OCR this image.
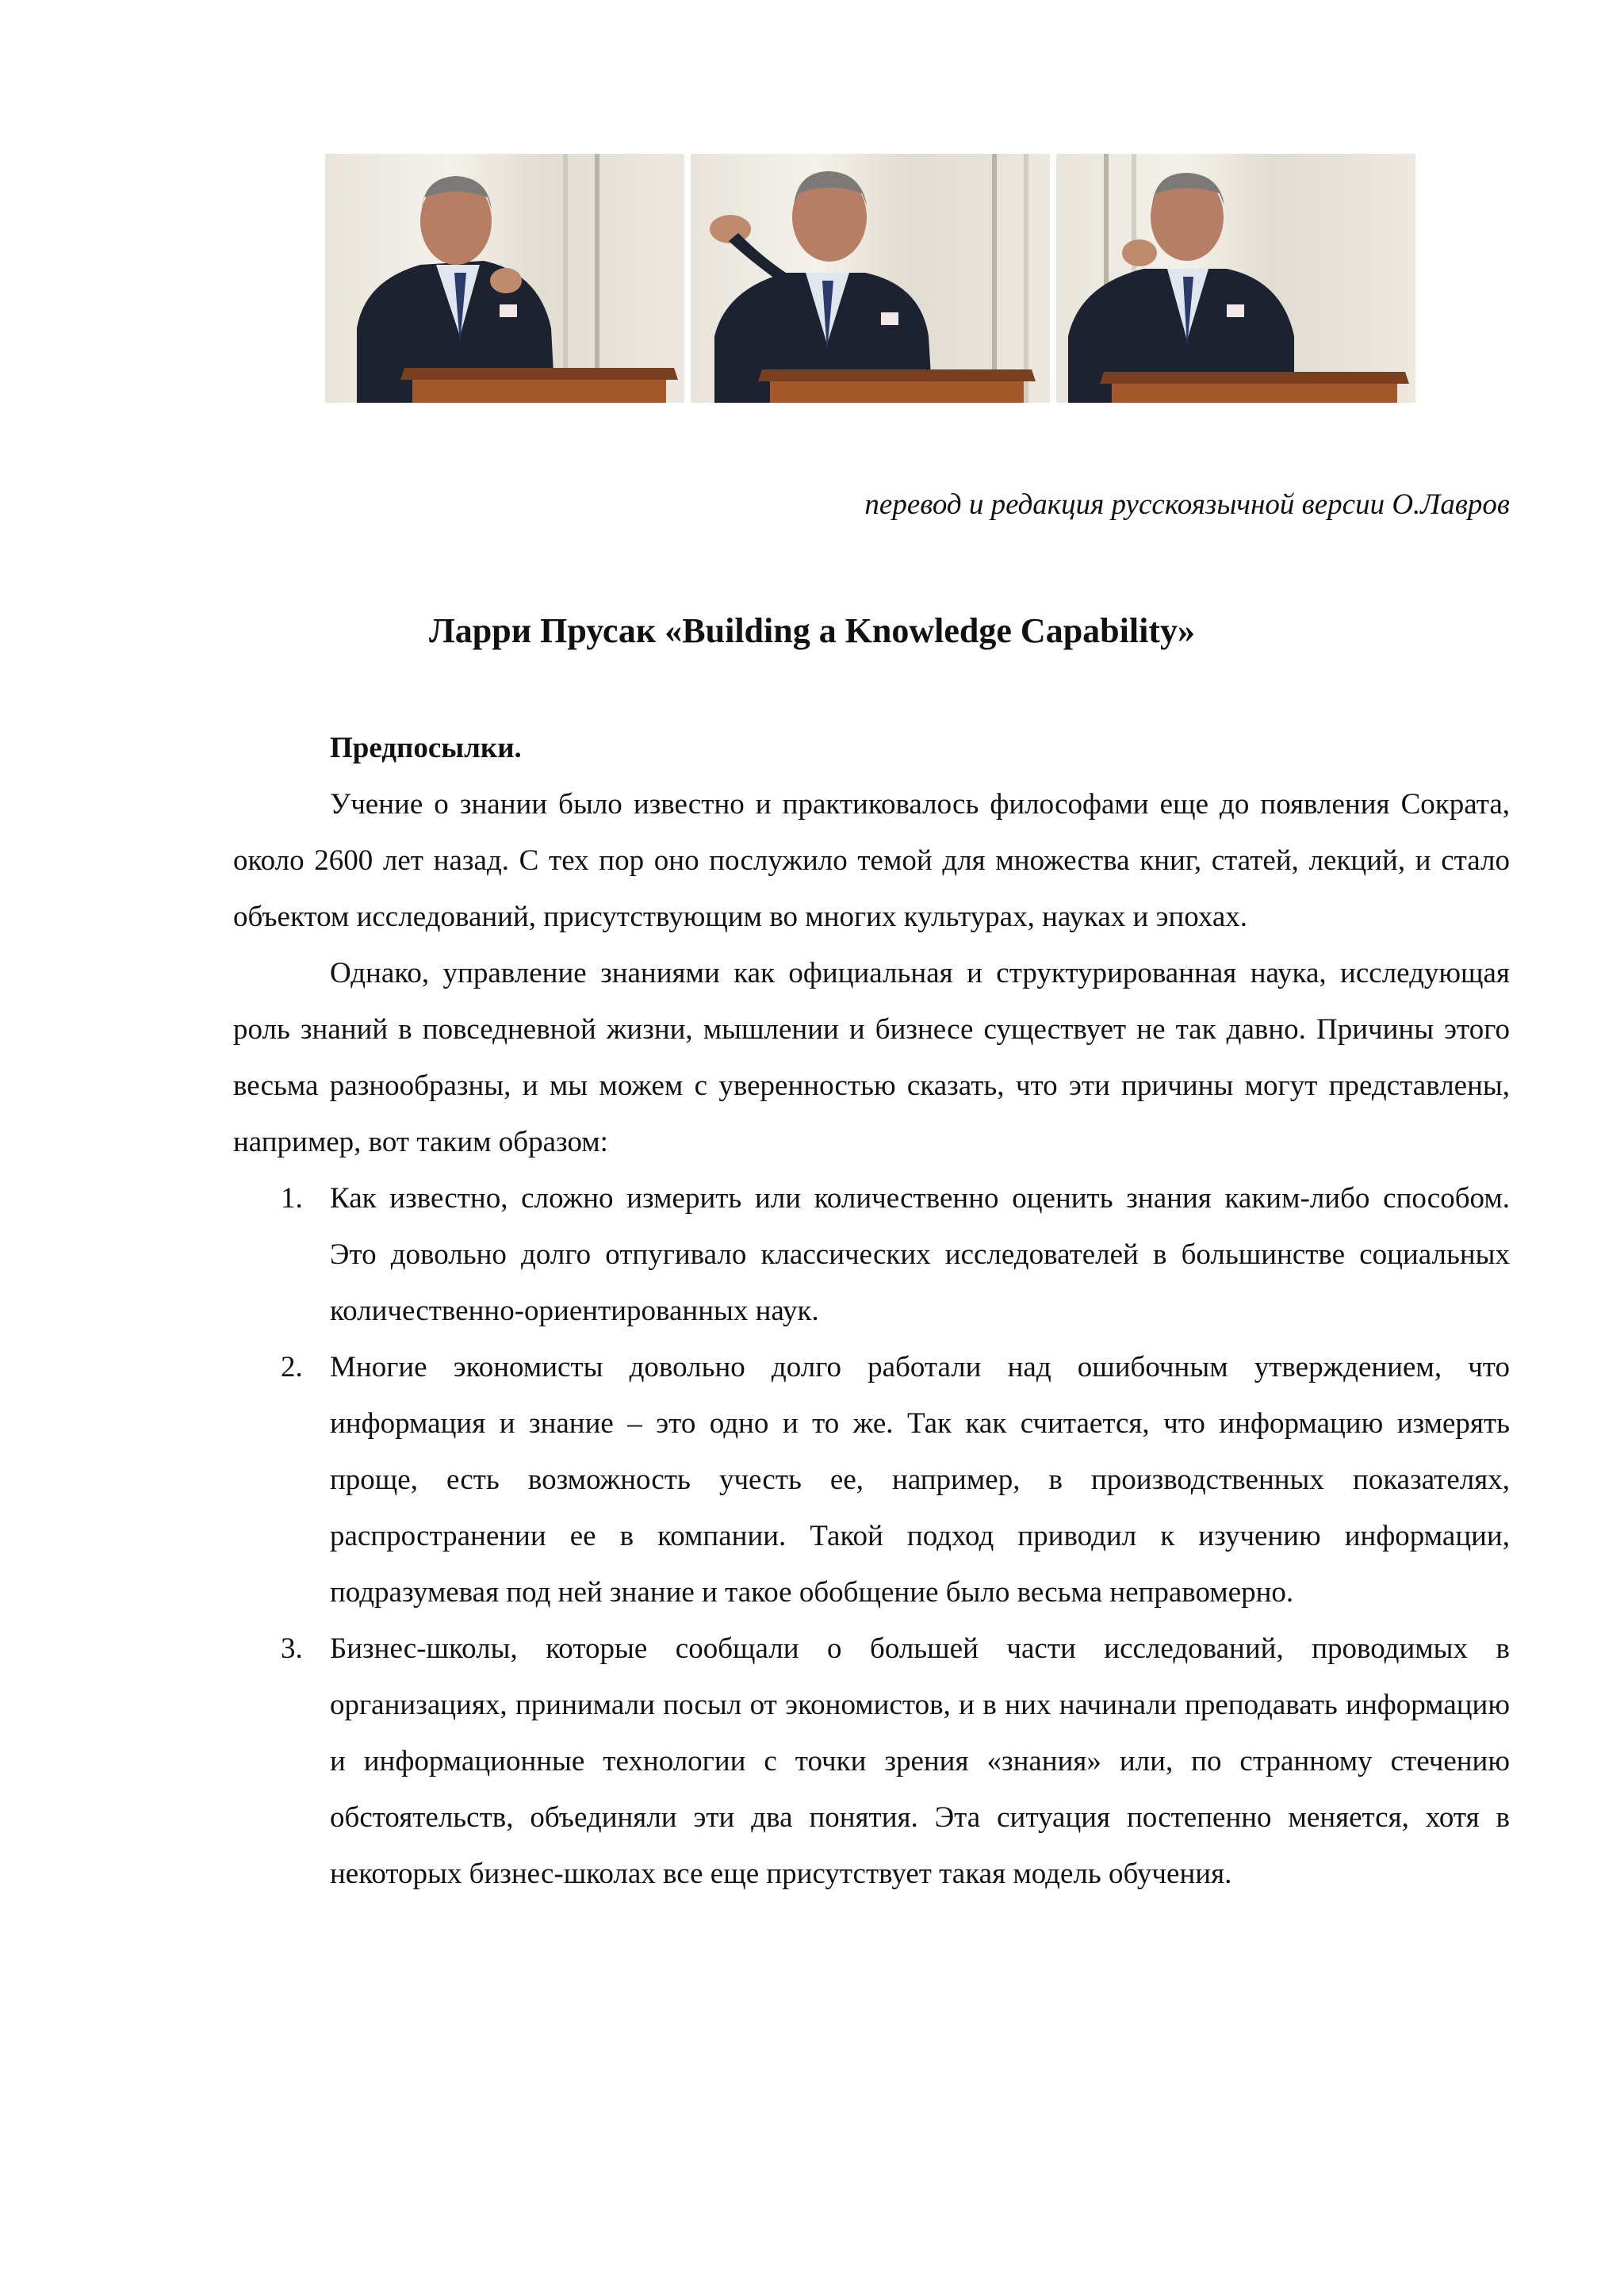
перевод и редакция русскоязычной версии О.Лавров
Ларри Прусак «Building a Knowledge Capability»

Предпосылки.

Учение о знании было известно и практиковалось философами еще до появления Сократа, около 2600 лет назад. С тех пор оно послужило темой для множества книг, статей, лекций, и стало объектом исследований, присутствующим во многих культурах, науках и эпохах.

Однако, управление знаниями как официальная и структурированная наука, исследующая роль знаний в повседневной жизни, мышлении и бизнесе существует не так давно. Причины этого весьма разнообразны, и мы можем с уверенностью сказать, что эти причины могут представлены, например, вот таким образом:

1. Как известно, сложно измерить или количественно оценить знания каким-либо способом. Это довольно долго отпугивало классических исследователей в большинстве социальных количественно-ориентированных наук.
2. Многие экономисты довольно долго работали над ошибочным утверждением, что информация и знание – это одно и то же. Так как считается, что информацию измерять проще, есть возможность учесть ее, например, в производственных показателях, распространении ее в компании. Такой подход приводил к изучению информации, подразумевая под ней знание и такое обобщение было весьма неправомерно.
3. Бизнес-школы, которые сообщали о большей части исследований, проводимых в организациях, принимали посыл от экономистов, и в них начинали преподавать информацию и информационные технологии с точки зрения «знания» или, по странному стечению обстоятельств, объединяли эти два понятия. Эта ситуация постепенно меняется, хотя в некоторых бизнес-школах все еще присутствует такая модель обучения.
